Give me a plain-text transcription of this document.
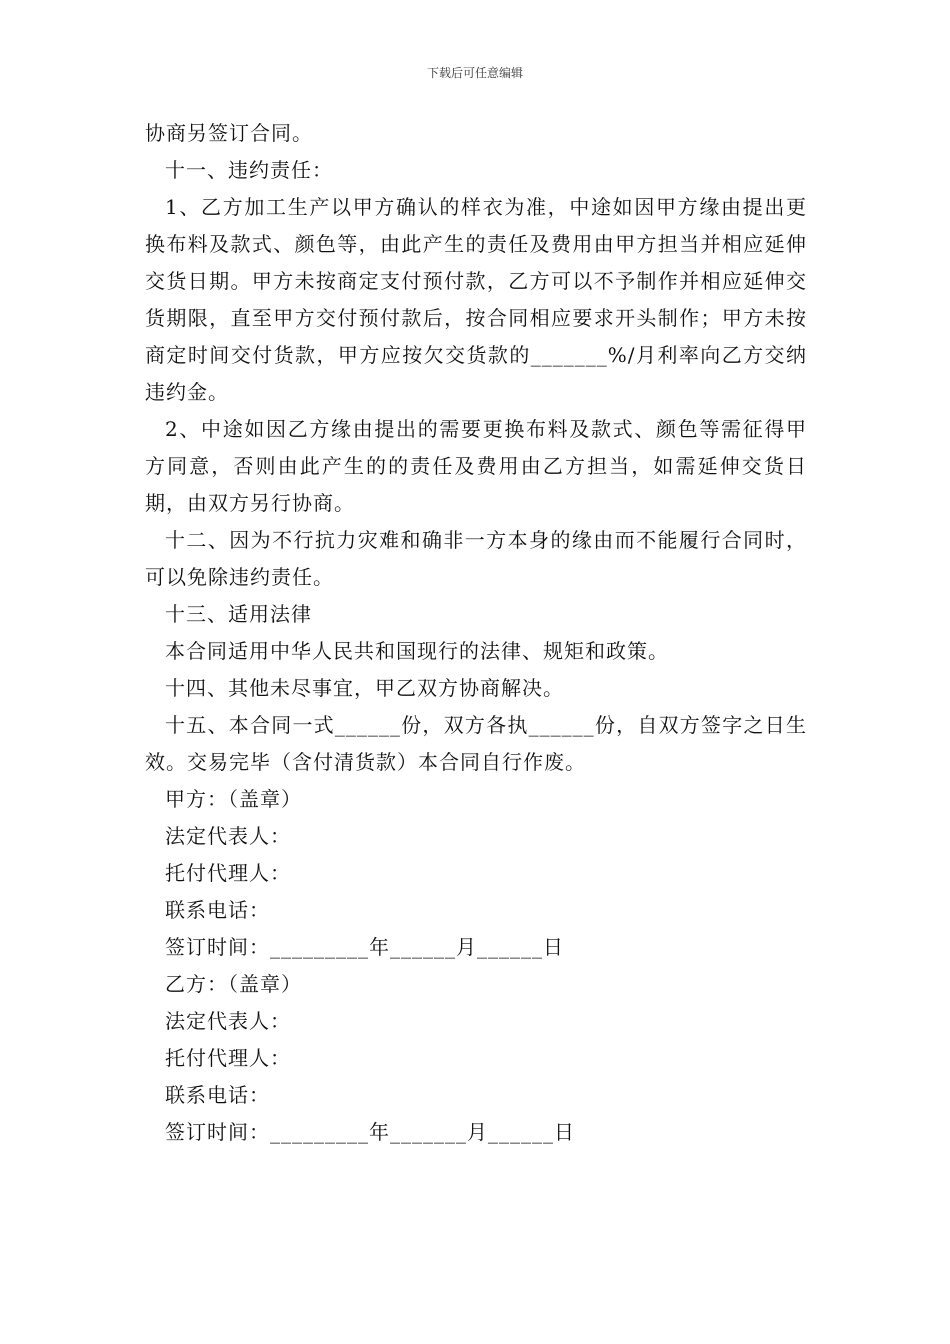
下载后可任意编辑

协商另签订合同。

十一、违约责任：

1、乙方加工生产以甲方确认的样衣为准，中途如因甲方缘由提出更换布料及款式、颜色等，由此产生的责任及费用由甲方担当并相应延伸交货日期。甲方未按商定支付预付款，乙方可以不予制作并相应延伸交货期限，直至甲方交付预付款后，按合同相应要求开头制作；甲方未按商定时间交付货款，甲方应按欠交货款的_______%/月利率向乙方交纳违约金。

2、中途如因乙方缘由提出的需要更换布料及款式、颜色等需征得甲方同意，否则由此产生的的责任及费用由乙方担当，如需延伸交货日期，由双方另行协商。

十二、因为不行抗力灾难和确非一方本身的缘由而不能履行合同时，可以免除违约责任。

十三、适用法律

本合同适用中华人民共和国现行的法律、规矩和政策。

十四、其他未尽事宜，甲乙双方协商解决。

十五、本合同一式______份，双方各执______份，自双方签字之日生效。交易完毕（含付清货款）本合同自行作废。

甲方：（盖章）

法定代表人：

托付代理人：

联系电话：

签订时间：_________年______月______日

乙方：（盖章）

法定代表人：

托付代理人：

联系电话：

签订时间：_________年_______月______日
